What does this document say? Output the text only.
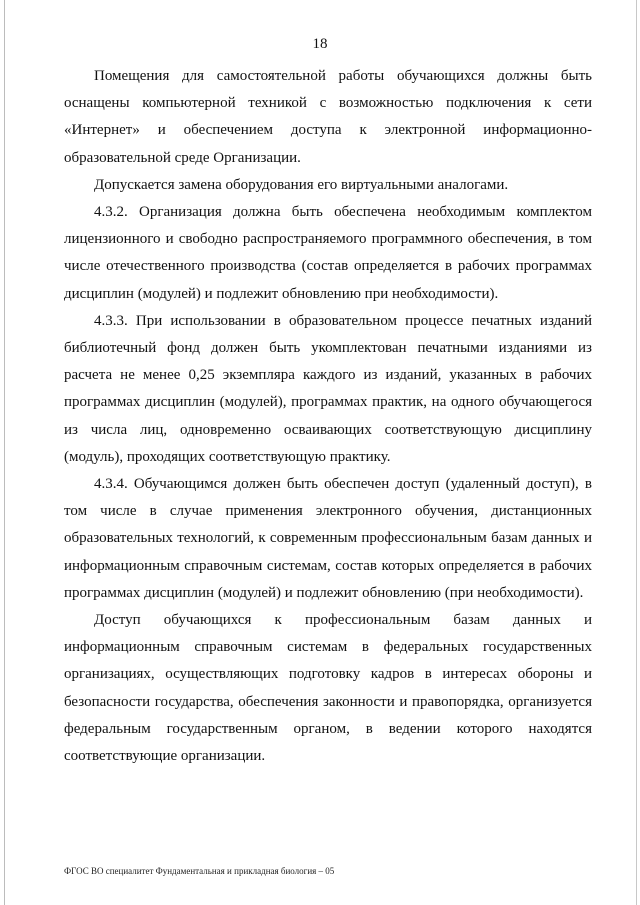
18

Помещения для самостоятельной работы обучающихся должны быть оснащены компьютерной техникой с возможностью подключения к сети «Интернет» и обеспечением доступа к электронной информационно-образовательной среде Организации.

Допускается замена оборудования его виртуальными аналогами.

4.3.2. Организация должна быть обеспечена необходимым комплектом лицензионного и свободно распространяемого программного обеспечения, в том числе отечественного производства (состав определяется в рабочих программах дисциплин (модулей) и подлежит обновлению при необходимости).

4.3.3. При использовании в образовательном процессе печатных изданий библиотечный фонд должен быть укомплектован печатными изданиями из расчета не менее 0,25 экземпляра каждого из изданий, указанных в рабочих программах дисциплин (модулей), программах практик, на одного обучающегося из числа лиц, одновременно осваивающих соответствующую дисциплину (модуль), проходящих соответствующую практику.

4.3.4. Обучающимся должен быть обеспечен доступ (удаленный доступ), в том числе в случае применения электронного обучения, дистанционных образовательных технологий, к современным профессиональным базам данных и информационным справочным системам, состав которых определяется в рабочих программах дисциплин (модулей) и подлежит обновлению (при необходимости).

Доступ обучающихся к профессиональным базам данных и информационным справочным системам в федеральных государственных организациях, осуществляющих подготовку кадров в интересах обороны и безопасности государства, обеспечения законности и правопорядка, организуется федеральным государственным органом, в ведении которого находятся соответствующие организации.

ФГОС ВО специалитет Фундаментальная и прикладная биология – 05
